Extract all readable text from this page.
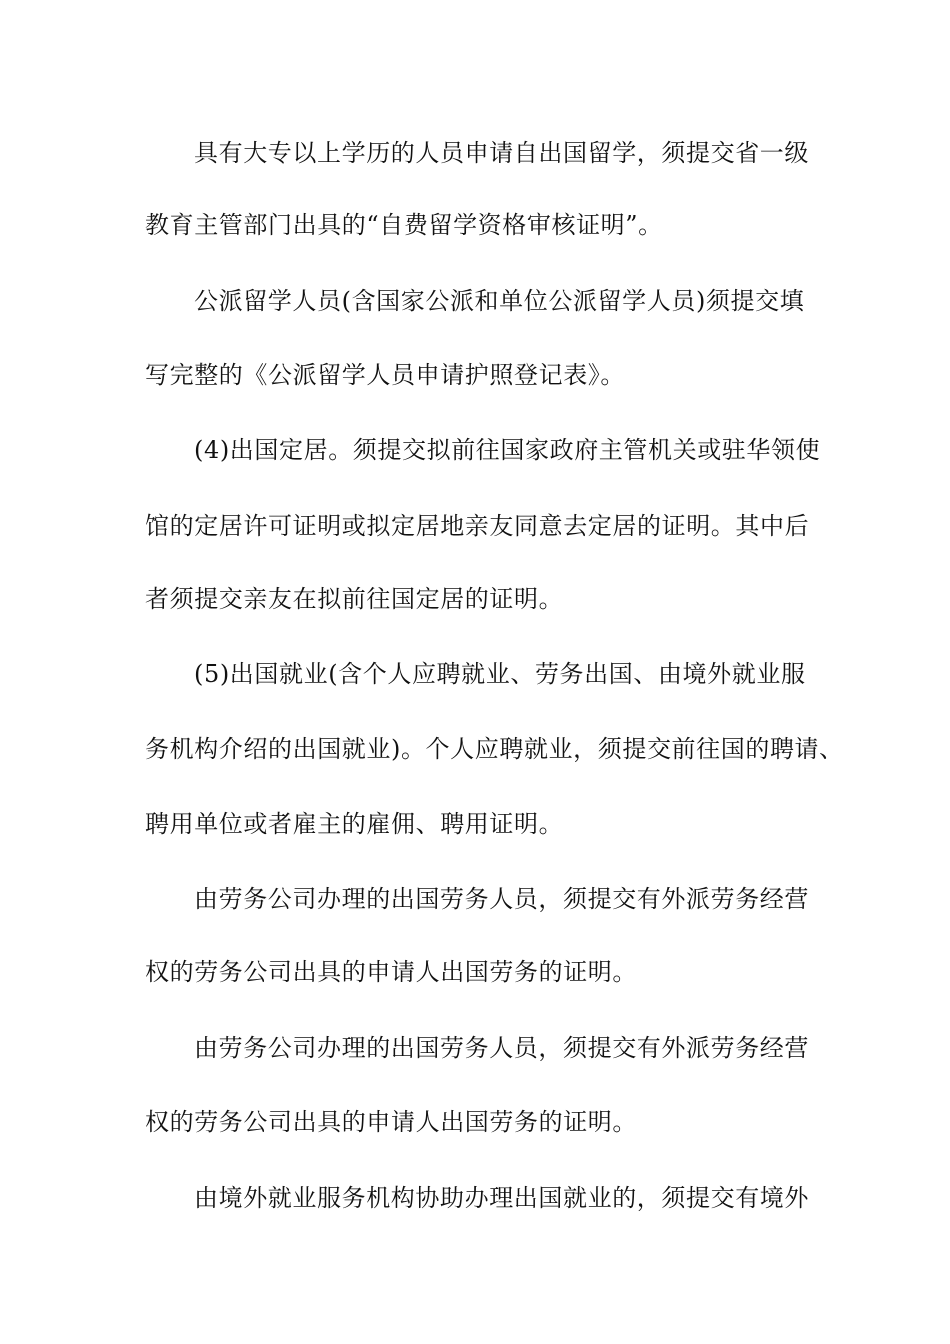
具有大专以上学历的人员申请自出国留学，须提交省一级
教育主管部门出具的“自费留学资格审核证明”。
公派留学人员(含国家公派和单位公派留学人员)须提交填
写完整的《公派留学人员申请护照登记表》。
(4)出国定居。须提交拟前往国家政府主管机关或驻华领使
馆的定居许可证明或拟定居地亲友同意去定居的证明。其中后
者须提交亲友在拟前往国定居的证明。
(5)出国就业(含个人应聘就业、劳务出国、由境外就业服
务机构介绍的出国就业)。个人应聘就业，须提交前往国的聘请、
聘用单位或者雇主的雇佣、聘用证明。
由劳务公司办理的出国劳务人员，须提交有外派劳务经营
权的劳务公司出具的申请人出国劳务的证明。
由劳务公司办理的出国劳务人员，须提交有外派劳务经营
权的劳务公司出具的申请人出国劳务的证明。
由境外就业服务机构协助办理出国就业的，须提交有境外
